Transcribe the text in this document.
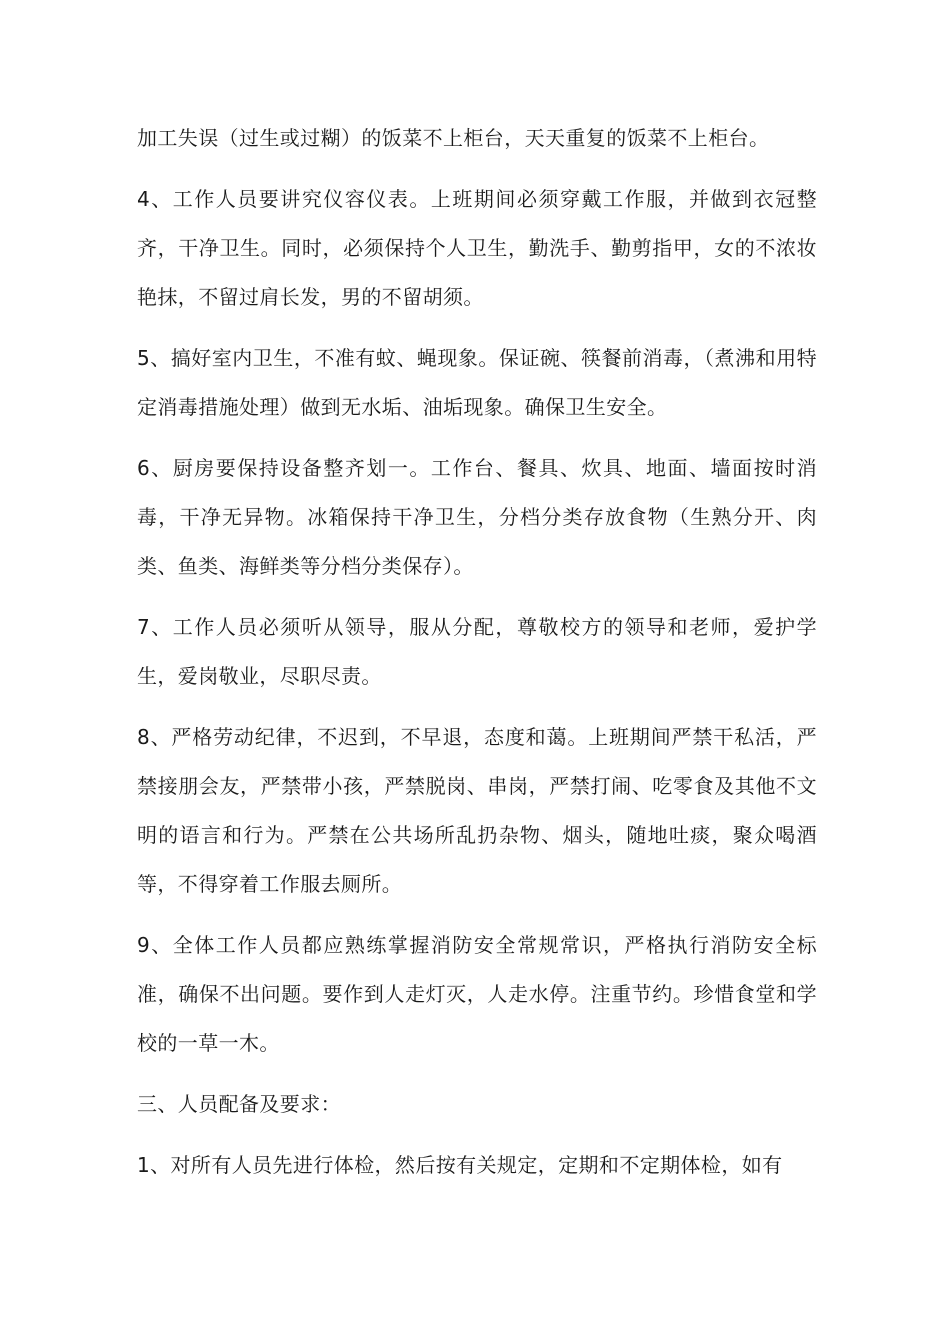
加工失误（过生或过糊）的饭菜不上柜台，天天重复的饭菜不上柜台。

4、工作人员要讲究仪容仪表。上班期间必须穿戴工作服，并做到衣冠整齐，干净卫生。同时，必须保持个人卫生，勤洗手、勤剪指甲，女的不浓妆艳抹，不留过肩长发，男的不留胡须。

5、搞好室内卫生，不准有蚊、蝇现象。保证碗、筷餐前消毒，（煮沸和用特定消毒措施处理）做到无水垢、油垢现象。确保卫生安全。

6、厨房要保持设备整齐划一。工作台、餐具、炊具、地面、墙面按时消毒，干净无异物。冰箱保持干净卫生，分档分类存放食物（生熟分开、肉类、鱼类、海鲜类等分档分类保存）。

7、工作人员必须听从领导，服从分配，尊敬校方的领导和老师，爱护学生，爱岗敬业，尽职尽责。

8、严格劳动纪律，不迟到，不早退，态度和蔼。上班期间严禁干私活，严禁接朋会友，严禁带小孩，严禁脱岗、串岗，严禁打闹、吃零食及其他不文明的语言和行为。严禁在公共场所乱扔杂物、烟头，随地吐痰，聚众喝酒等，不得穿着工作服去厕所。

9、全体工作人员都应熟练掌握消防安全常规常识，严格执行消防安全标准，确保不出问题。要作到人走灯灭，人走水停。注重节约。珍惜食堂和学校的一草一木。

三、人员配备及要求：

1、对所有人员先进行体检，然后按有关规定，定期和不定期体检，如有
